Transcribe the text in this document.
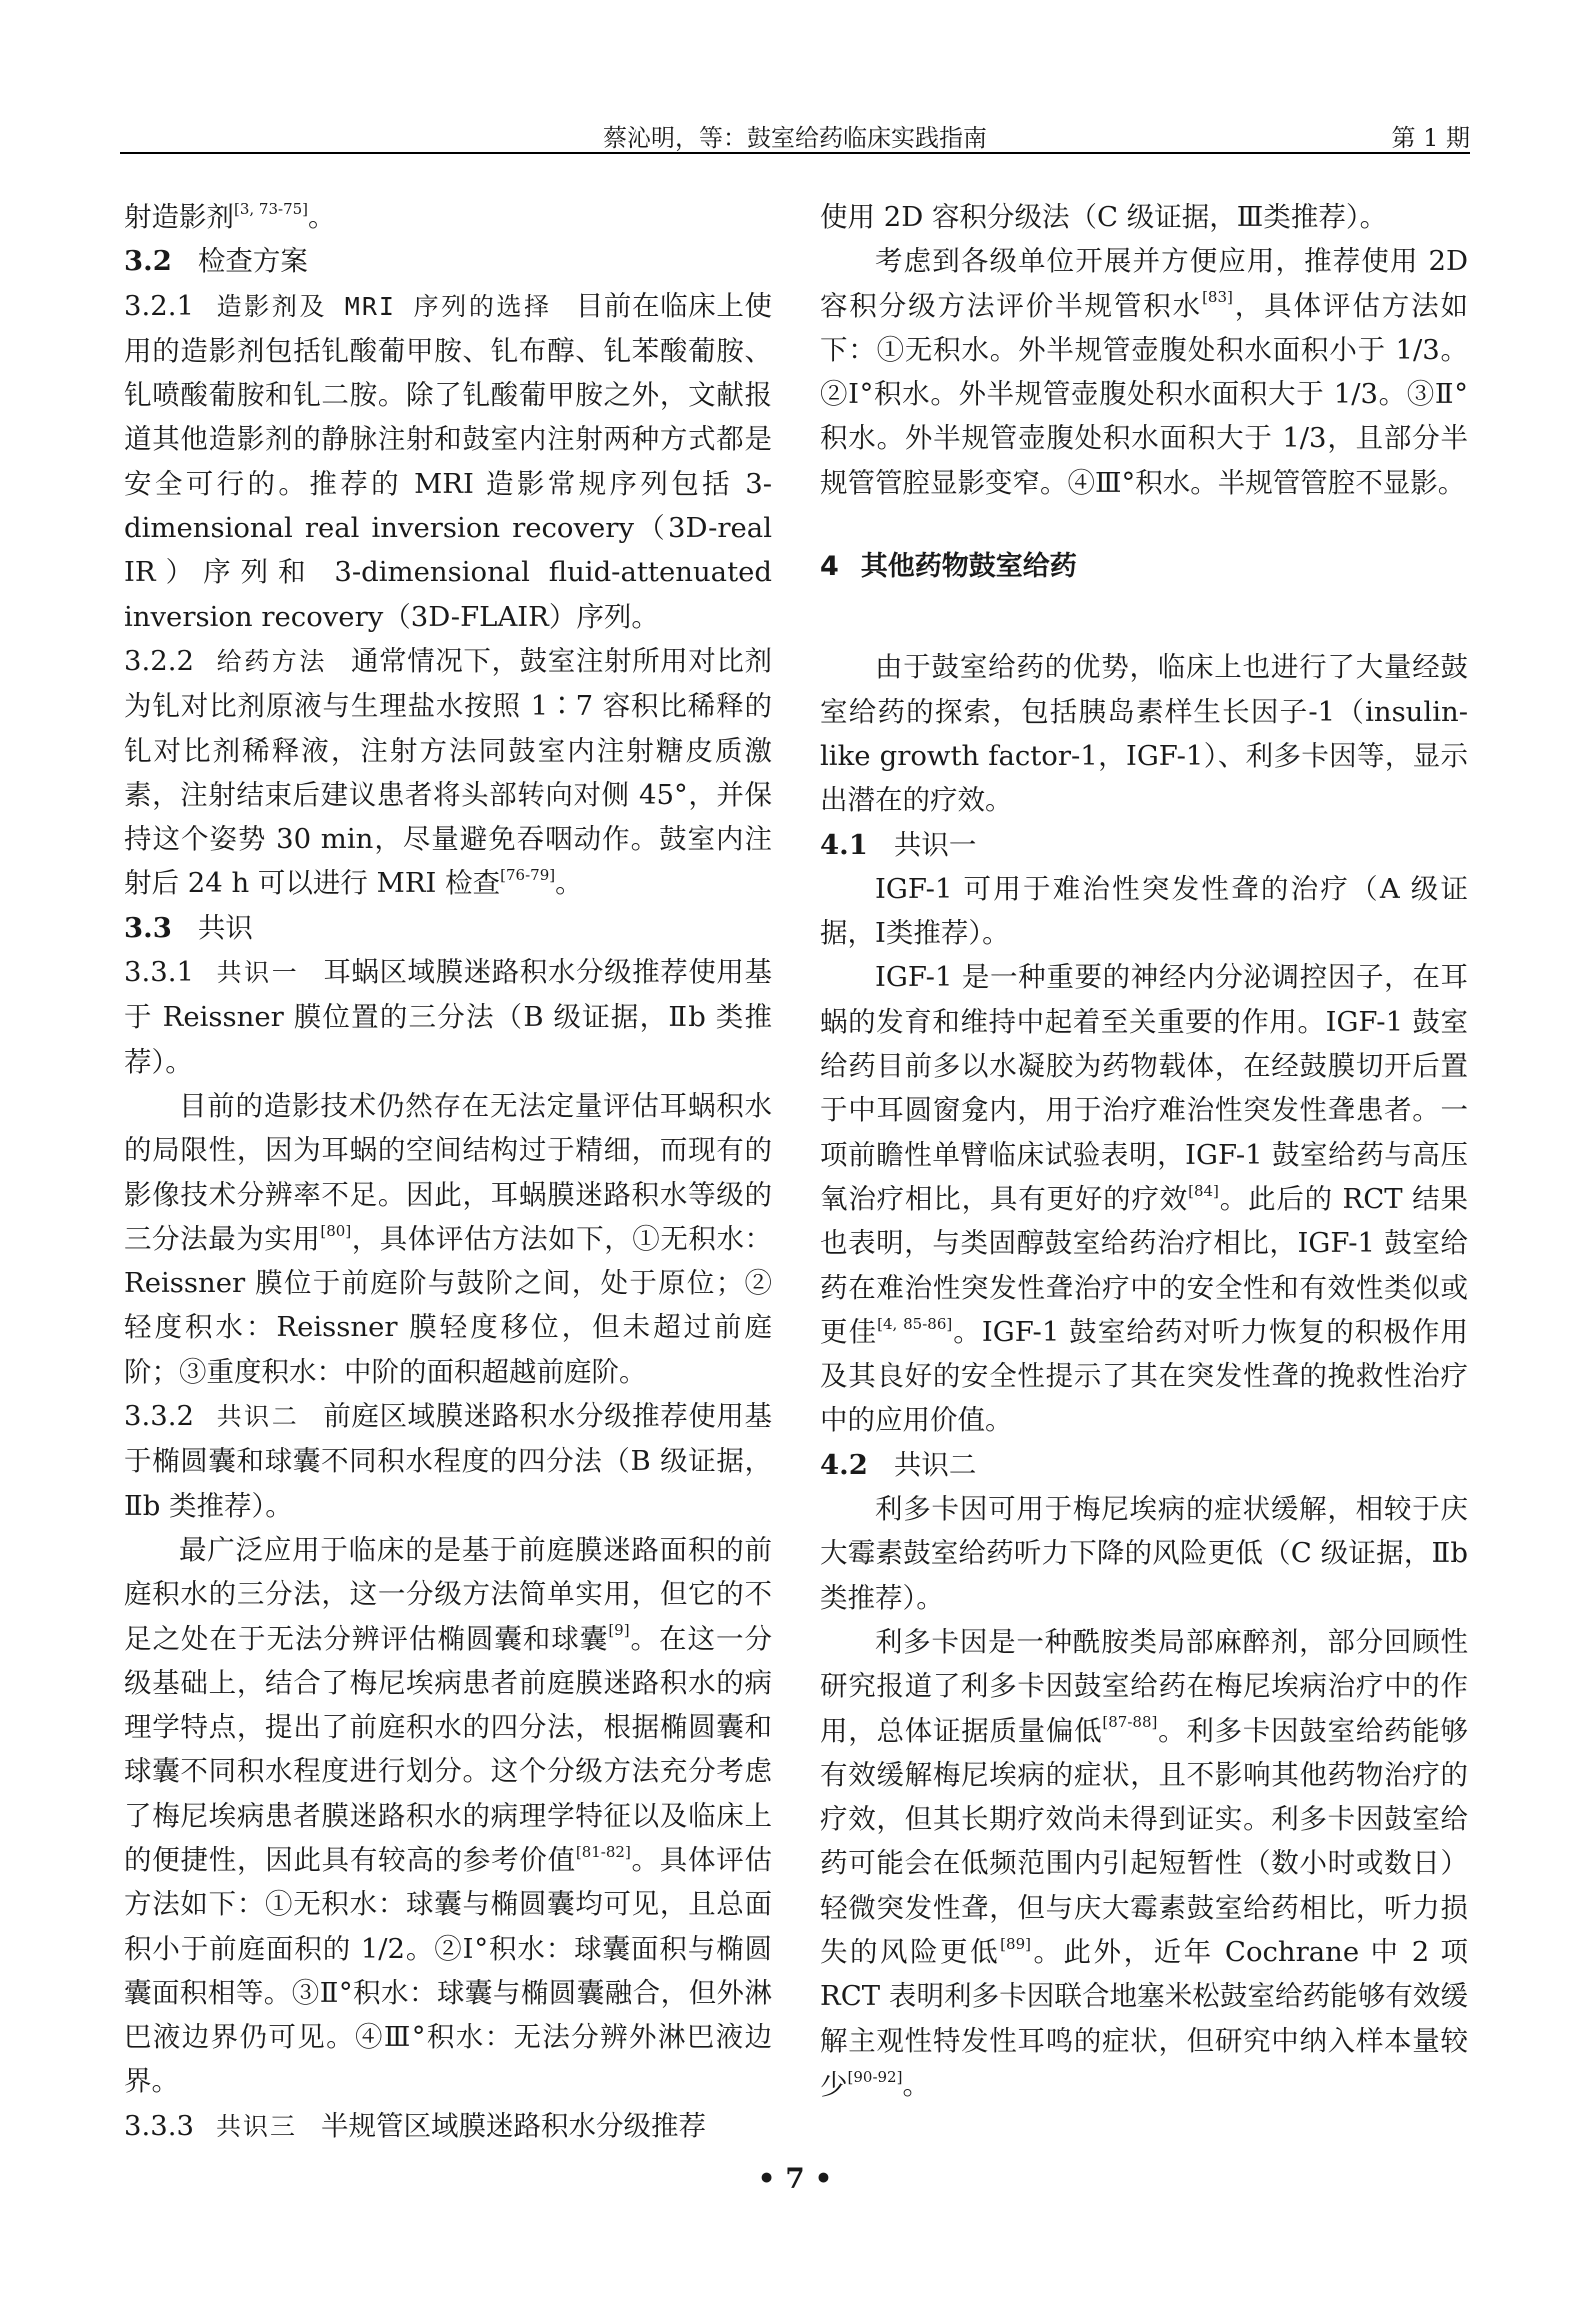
蔡沁明，等：鼓室给药临床实践指南	第 1 期

射造影剂[3, 73-75]。

3.2 检查方案

3.2.1 造影剂及 MRI 序列的选择 目前在临床上使用的造影剂包括钆酸葡甲胺、钆布醇、钆苯酸葡胺、钆喷酸葡胺和钆二胺。除了钆酸葡甲胺之外，文献报道其他造影剂的静脉注射和鼓室内注射两种方式都是安全可行的。推荐的 MRI 造影常规序列包括 3-dimensional real inversion recovery（3D-real IR）序列和 3-dimensional fluid-attenuated inversion recovery（3D-FLAIR）序列。

3.2.2 给药方法 通常情况下，鼓室注射所用对比剂为钆对比剂原液与生理盐水按照 1∶7 容积比稀释的钆对比剂稀释液，注射方法同鼓室内注射糖皮质激素，注射结束后建议患者将头部转向对侧 45°，并保持这个姿势 30 min，尽量避免吞咽动作。鼓室内注射后 24 h 可以进行 MRI 检查[76-79]。

3.3 共识

3.3.1 共识一 耳蜗区域膜迷路积水分级推荐使用基于 Reissner 膜位置的三分法（B 级证据，Ⅱb 类推荐）。

目前的造影技术仍然存在无法定量评估耳蜗积水的局限性，因为耳蜗的空间结构过于精细，而现有的影像技术分辨率不足。因此，耳蜗膜迷路积水等级的三分法最为实用[80]，具体评估方法如下，①无积水：Reissner 膜位于前庭阶与鼓阶之间，处于原位；②轻度积水：Reissner 膜轻度移位，但未超过前庭阶；③重度积水：中阶的面积超越前庭阶。

3.3.2 共识二 前庭区域膜迷路积水分级推荐使用基于椭圆囊和球囊不同积水程度的四分法（B 级证据，Ⅱb 类推荐）。

最广泛应用于临床的是基于前庭膜迷路面积的前庭积水的三分法，这一分级方法简单实用，但它的不足之处在于无法分辨评估椭圆囊和球囊[9]。在这一分级基础上，结合了梅尼埃病患者前庭膜迷路积水的病理学特点，提出了前庭积水的四分法，根据椭圆囊和球囊不同积水程度进行划分。这个分级方法充分考虑了梅尼埃病患者膜迷路积水的病理学特征以及临床上的便捷性，因此具有较高的参考价值[81-82]。具体评估方法如下：①无积水：球囊与椭圆囊均可见，且总面积小于前庭面积的 1/2。②Ⅰ°积水：球囊面积与椭圆囊面积相等。③Ⅱ°积水：球囊与椭圆囊融合，但外淋巴液边界仍可见。④Ⅲ°积水：无法分辨外淋巴液边界。

3.3.3 共识三 半规管区域膜迷路积水分级推荐

使用 2D 容积分级法（C 级证据，Ⅲ类推荐）。

考虑到各级单位开展并方便应用，推荐使用 2D 容积分级方法评价半规管积水[83]，具体评估方法如下：①无积水。外半规管壶腹处积水面积小于 1/3。②Ⅰ°积水。外半规管壶腹处积水面积大于 1/3。③Ⅱ°积水。外半规管壶腹处积水面积大于 1/3，且部分半规管管腔显影变窄。④Ⅲ°积水。半规管管腔不显影。

4 其他药物鼓室给药

由于鼓室给药的优势，临床上也进行了大量经鼓室给药的探索，包括胰岛素样生长因子-1（insulin-like growth factor-1，IGF-1）、利多卡因等，显示出潜在的疗效。

4.1 共识一

IGF-1 可用于难治性突发性聋的治疗（A 级证据，Ⅰ类推荐）。

IGF-1 是一种重要的神经内分泌调控因子，在耳蜗的发育和维持中起着至关重要的作用。IGF-1 鼓室给药目前多以水凝胶为药物载体，在经鼓膜切开后置于中耳圆窗龛内，用于治疗难治性突发性聋患者。一项前瞻性单臂临床试验表明，IGF-1 鼓室给药与高压氧治疗相比，具有更好的疗效[84]。此后的 RCT 结果也表明，与类固醇鼓室给药治疗相比，IGF-1 鼓室给药在难治性突发性聋治疗中的安全性和有效性类似或更佳[4, 85-86]。IGF-1 鼓室给药对听力恢复的积极作用及其良好的安全性提示了其在突发性聋的挽救性治疗中的应用价值。

4.2 共识二

利多卡因可用于梅尼埃病的症状缓解，相较于庆大霉素鼓室给药听力下降的风险更低（C 级证据，Ⅱb 类推荐）。

利多卡因是一种酰胺类局部麻醉剂，部分回顾性研究报道了利多卡因鼓室给药在梅尼埃病治疗中的作用，总体证据质量偏低[87-88]。利多卡因鼓室给药能够有效缓解梅尼埃病的症状，且不影响其他药物治疗的疗效，但其长期疗效尚未得到证实。利多卡因鼓室给药可能会在低频范围内引起短暂性（数小时或数日）轻微突发性聋，但与庆大霉素鼓室给药相比，听力损失的风险更低[89]。此外，近年 Cochrane 中 2 项 RCT 表明利多卡因联合地塞米松鼓室给药能够有效缓解主观性特发性耳鸣的症状，但研究中纳入样本量较少[90-92]。

• 7 •
